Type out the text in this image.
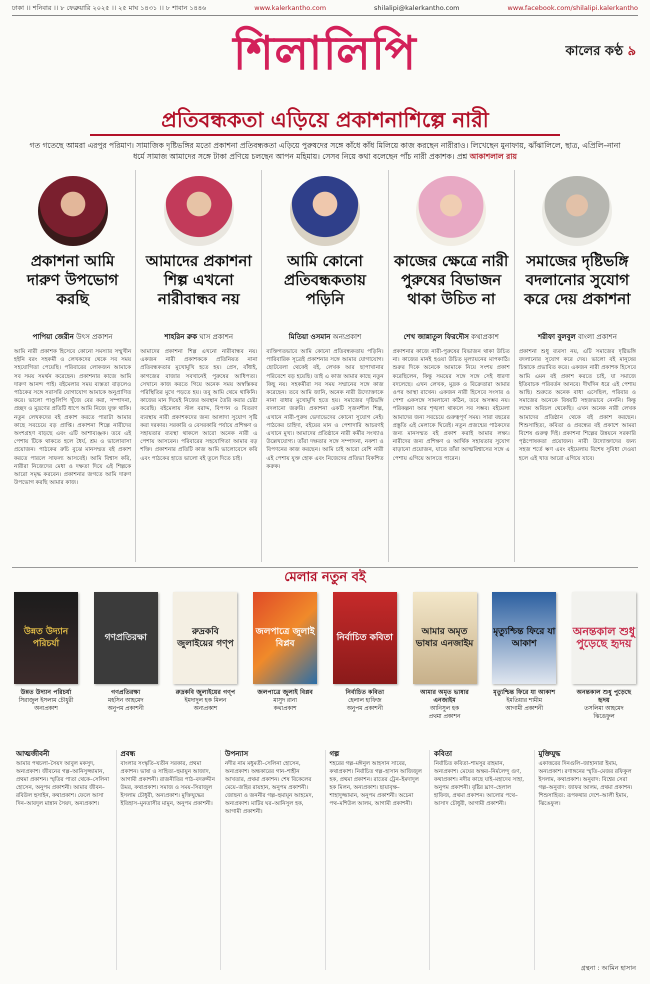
ঢাকা ।। শনিবার ।। ৮ ফেব্রুয়ারি ২০২৫ ।। ২৫ মাঘ ১৪৩১ ।। ৮ শাবান ১৪৪৬	www.kalerkantho.com	shilalipi@kalerkantho.com	www.facebook.com/shilalipi.kalerkantho
শিলালিপি	কালের কণ্ঠ ৯
প্রতিবন্ধকতা এড়িয়ে প্রকাশনাশিল্পে নারী
গত গতেছে আমরা এরপুর পরিমাণ। সামাজিক দৃষ্টিভঙ্গির মতো প্রকাশনা প্রতিবন্ধকতা এড়িয়ে পুরুষদের সঙ্গে কাঁধে কাঁধ মিলিয়ে কাজ করছেন নারীরাও। লিখেছেন মুনাফায়, ঝাঁঝালিলে, ছাত্র, এপ্রিলি–নানা ধর্মে সামাজ আমাদের সঙ্গে টাকা প্রণিয়ে চলছেন আপন মহিমায়। সেসব নিয়ে কথা বলেছেন পাঁচ নারী প্রকাশক। প্রশ্ন আকাশলাল রায়
প্রকাশনা আমি দারুণ উপভোগ করছি
পাপিয়া জেরীন উৎস প্রকাশন
আমি নারী প্রকাশক হিসেবে কোনো সমস্যার সম্মুখীন হইনি বরং সহকর্মী ও লেখকদের থেকে সব সময় সহযোগিতা পেয়েছি। পরিবারের লোকজন আমাকে সব সময় সমর্থন করেছেন। প্রকাশনার কাজে আমি দারুণ আনন্দ পাই। বইমেলার সময় ব্যস্ততা বাড়লেও পাঠকের সঙ্গে সরাসরি যোগাযোগ আমাকে অনুপ্রাণিত করে। ভালো পাণ্ডুলিপি খুঁজে বের করা, সম্পাদনা, প্রচ্ছদ ও মুদ্রণের প্রতিটি ধাপে আমি নিজে যুক্ত থাকি। নতুন লেখকদের বই প্রকাশ করতে পারাটা আমার কাছে সবচেয়ে বড় প্রাপ্তি। প্রকাশনা শিল্পে নারীদের অংশগ্রহণ বাড়ছে এবং এটি আশাব্যঞ্জক। তবে এই পেশায় টিকে থাকতে হলে ধৈর্য, শ্রম ও ভালোবাসা প্রয়োজন। পাঠকের রুচি বুঝে মানসম্মত বই প্রকাশ করতে পারলে সাফল্য আসবেই। আমি বিশ্বাস করি, নারীরা নিজেদের মেধা ও দক্ষতা দিয়ে এই শিল্পকে আরো সমৃদ্ধ করবেন। প্রকাশনার জগতে আমি দারুণ উপভোগ করছি আমার কাজ।
আমাদের প্রকাশনা শিল্প এখনো নারীবান্ধব নয়
শাহরিন রুক ঘাস প্রকাশন
আমাদের প্রকাশনা শিল্প এখনো নারীবান্ধব নয়। একজন নারী প্রকাশককে প্রতিনিয়ত নানা প্রতিবন্ধকতার মুখোমুখি হতে হয়। প্রেস, বাঁধাই, কাগজের বাজার সবখানেই পুরুষের আধিপত্য। সেখানে কাজ করতে গিয়ে অনেক সময় অস্বস্তিকর পরিস্থিতির মুখে পড়তে হয়। তবু আমি থেমে থাকিনি। কাজের মান দিয়েই নিজের অবস্থান তৈরি করার চেষ্টা করেছি। বইমেলায় স্টল বরাদ্দ, বিপণন ও বিতরণ ব্যবস্থায় নারী প্রকাশকদের জন্য আলাদা সুযোগ সৃষ্টি করা দরকার। সরকারি ও বেসরকারি পর্যায়ে প্রশিক্ষণ ও সহায়তার ব্যবস্থা থাকলে আরো অনেক নারী এ পেশায় আসবেন। পরিবারের সহযোগিতা আমার বড় শক্তি। প্রকাশনার প্রতিটি কাজ আমি ভালোবেসে করি এবং পাঠকের হাতে ভালো বই তুলে দিতে চাই।
আমি কোনো প্রতিবন্ধকতায় পড়িনি
মিতিয়া ওসমান অন্যপ্রকাশ
ব্যক্তিগতভাবে আমি কোনো প্রতিবন্ধকতায় পড়িনি। পারিবারিক সূত্রেই প্রকাশনার সঙ্গে আমার যোগাযোগ। ছোটবেলা থেকেই বই, লেখক আর ছাপাখানার পরিবেশে বড় হয়েছি। তাই এ কাজ আমার কাছে নতুন কিছু নয়। সহকর্মীরা সব সময় সম্মানের সঙ্গে কাজ করেছেন। তবে আমি জানি, অনেক নারী উদ্যোক্তাকে নানা বাধার মুখোমুখি হতে হয়। সমাজের দৃষ্টিভঙ্গি বদলানো জরুরি। প্রকাশনা একটি সৃজনশীল শিল্প, এখানে নারী-পুরুষ ভেদাভেদের কোনো সুযোগ নেই। পাঠকের চাহিদা, বইয়ের মান ও পেশাদারি আচরণই এখানে মুখ্য। আমাদের প্রতিষ্ঠানে নারী কর্মীর সংখ্যাও উল্লেখযোগ্য। তাঁরা দক্ষতার সঙ্গে সম্পাদনা, নকশা ও বিপণনের কাজ করছেন। আমি চাই আরো বেশি নারী এই পেশায় যুক্ত হোক এবং নিজেদের প্রতিভা বিকশিত করুক।
কাজের ক্ষেত্রে নারী পুরুষের বিভাজন থাকা উচিত না
শেখ জান্নাতুল ফিরদৌস কথাপ্রকাশ
প্রকাশনার কাজে নারী-পুরুষের বিভাজন থাকা উচিত না। কাজের মানই হওয়া উচিত মূল্যায়নের মাপকাঠি। শুরুর দিকে অনেকে আমাকে নিয়ে সংশয় প্রকাশ করেছিলেন, কিন্তু সময়ের সঙ্গে সঙ্গে সেই ধারণা বদলেছে। এখন লেখক, মুদ্রক ও বিক্রেতারা আমার ওপর আস্থা রাখেন। একজন নারী হিসেবে সংসার ও পেশা একসঙ্গে সামলানো কঠিন, তবে অসম্ভব নয়। পরিকল্পনা আর শৃঙ্খলা থাকলে সব সম্ভব। বইমেলা আমাদের জন্য সবচেয়ে গুরুত্বপূর্ণ সময়। সারা বছরের প্রস্তুতি এই মেলাকে ঘিরেই। নতুন প্রজন্মের পাঠকদের জন্য মানসম্মত বই প্রকাশ করাই আমার লক্ষ্য। নারীদের জন্য প্রশিক্ষণ ও আর্থিক সহায়তার সুযোগ বাড়ানো প্রয়োজন, যাতে তাঁরা আত্মবিশ্বাসের সঙ্গে এ পেশায় এগিয়ে আসতে পারেন।
সমাজের দৃষ্টিভঙ্গি বদলানোর সুযোগ করে দেয় প্রকাশনা
শরীফা বুলবুল বাংলা প্রকাশন
প্রকাশনা শুধু ব্যবসা নয়, এটি সমাজের দৃষ্টিভঙ্গি বদলানোর সুযোগ করে দেয়। ভালো বই মানুষের চিন্তাকে প্রভাবিত করে। একজন নারী প্রকাশক হিসেবে আমি এমন বই প্রকাশ করতে চাই, যা সমাজে ইতিবাচক পরিবর্তন আনবে। দীর্ঘদিন ধরে এই পেশায় আছি। শুরুতে অনেক বাধা এসেছিল, পরিবার ও সমাজের অনেকে বিষয়টি সহজভাবে নেননি। কিন্তু লক্ষ্যে অবিচল থেকেছি। এখন অনেক নারী লেখক আমাদের প্রতিষ্ঠান থেকে বই প্রকাশ করছেন। শিশুসাহিত্য, কবিতা ও প্রবন্ধের বই প্রকাশে আমরা বিশেষ গুরুত্ব দিই। প্রকাশনা শিল্পের উন্নয়নে সরকারি পৃষ্ঠপোষকতা প্রয়োজন। নারী উদ্যোক্তাদের জন্য সহজ শর্তে ঋণ এবং বইমেলায় বিশেষ সুবিধা দেওয়া হলে এই খাত আরো এগিয়ে যাবে।
মেলার নতুন বই
উন্নত উদ্যান পরিচর্যা
উন্নত উদ্যান পরিচর্যা
সিরাজুল ইসলাম চৌধুরী
অন্যপ্রকাশ
গণপ্রতিরক্ষা
গণপ্রতিরক্ষা
মহসিন আহমেদ
অনুপম প্রকাশনী
রুদ্রকবি জুলাইয়ের গণ্প
রুদ্রকবি জুলাইয়ের গণ্প
ইমদাদুল হক মিলন
অন্যপ্রকাশ
জলপাত্রে জুলাই বিপ্লব
জলপাত্রে জুলাই বিপ্লব
মাসুদ রানা
কথাপ্রকাশ
নির্বাচিত কবিতা
নির্বাচিত কবিতা
হেলাল হাফিজ
অনুপম প্রকাশনী
আমার অমৃত ভাষার এনজাইম
আমার অমৃত ভাষার এনজাইম
আনিসুল হক
প্রথমা প্রকাশন
মৃত্যুশ্চিন্ত ফিরে যা আকাশ
মৃত্যুশ্চিন্ত ফিরে যা আকাশ
ইমতিয়ার শামীম
আগামী প্রকাশনী
অনন্তকাল শুধু পুড়েছে হৃদয়
অনন্তকাল শুধু পুড়েছে হৃদয়
তসলিমা আহমেদ
ঝিঙেফুল
আত্মজীবনী
আমার পথচলা–সৈয়দ আবুল মকসুদ, অন্যপ্রকাশ। জীবনের গল্প–আনিসুজ্জামান, প্রথমা প্রকাশন। স্মৃতির পাতা থেকে–সেলিনা হোসেন, অনুপম প্রকাশনী। আমার জীবন–রবিউল হুসাইন, কথাপ্রকাশ। ফেলে আসা দিন–আবদুল মান্নান সৈয়দ, অন্যপ্রকাশ।
প্রবন্ধ
বাংলার সংস্কৃতি–যতীন সরকার, প্রথমা প্রকাশন। ভাষা ও সাহিত্য–হুমায়ুন আজাদ, আগামী প্রকাশনী। রাজনীতির পাঠ–বদরুদ্দীন উমর, কথাপ্রকাশ। সমাজ ও সময়–সিরাজুল ইসলাম চৌধুরী, অন্যপ্রকাশ। মুক্তিযুদ্ধের ইতিহাস–মুনতাসীর মামুন, অনুপম প্রকাশনী।
উপন্যাস
নদীর নাম মধুমতী–সেলিনা হোসেন, অন্যপ্রকাশ। অন্ধকারের গান–শাহীন আখতার, প্রথমা প্রকাশন। শেষ বিকেলের মেয়ে–জহির রায়হান, অনুপম প্রকাশনী। জোছনা ও জননীর গল্প–হুমায়ূন আহমেদ, অন্যপ্রকাশ। মাটির ঘর–আনিসুল হক, আগামী প্রকাশনী।
গল্প
শহরের গল্প–মঈনুল আহসান সাবের, কথাপ্রকাশ। নির্বাচিত গল্প–হাসান আজিজুল হক, প্রথমা প্রকাশন। রাতের ট্রেন–ইমদাদুল হক মিলন, অন্যপ্রকাশ। ছায়াবৃক্ষ–শাহাদুজ্জামান, অনুপম প্রকাশনী। অচেনা পথ–মশিউল আলম, আগামী প্রকাশনী।
কবিতা
নির্বাচিত কবিতা–শামসুর রাহমান, অন্যপ্রকাশ। মেঘের অক্ষর–নির্মলেন্দু গুণ, কথাপ্রকাশ। নদীর কাছে যাই–মহাদেব সাহা, অনুপম প্রকাশনী। বৃষ্টির ঘ্রাণ–হেলাল হাফিজ, প্রথমা প্রকাশন। আলোর পথে–আসাদ চৌধুরী, আগামী প্রকাশনী।
মুক্তিযুদ্ধ
একাত্তরের দিনগুলি–জাহানারা ইমাম, অন্যপ্রকাশ। রণাঙ্গনের স্মৃতি–মেজর রফিকুল ইসলাম, কথাপ্রকাশ। অনুবাদ: বিশ্বের সেরা গল্প–অনুবাদ: জাফর আলম, প্রথমা প্রকাশন। শিশুসাহিত্য: রূপকথার দেশে–আলী ইমাম, ঝিঙেফুল।
গ্রন্থনা : আমিন হাসান
